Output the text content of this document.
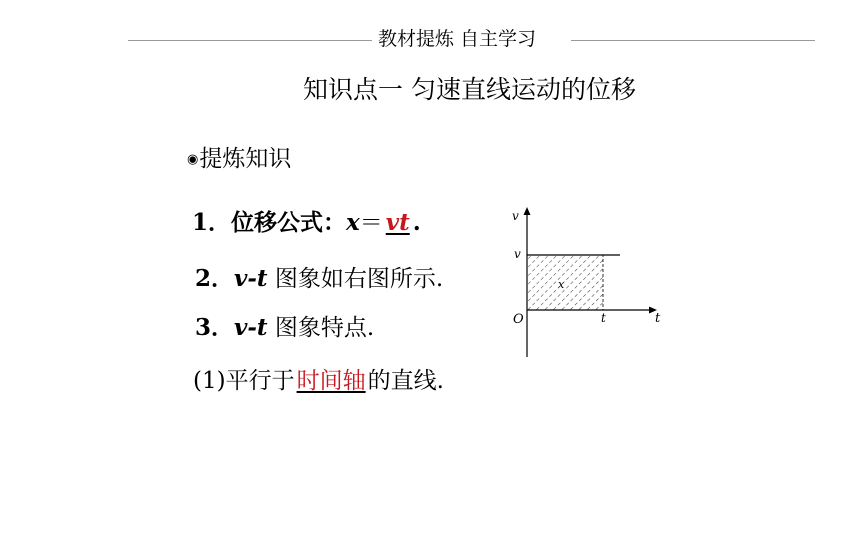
教材提炼 自主学习
知识点一 匀速直线运动的位移
◉提炼知识
1．位移公式：x＝ vt .
2．v-t 图象如右图所示.
3．v-t 图象特点.
(1)平行于时间轴的直线.
v
v
O	t	t
x
